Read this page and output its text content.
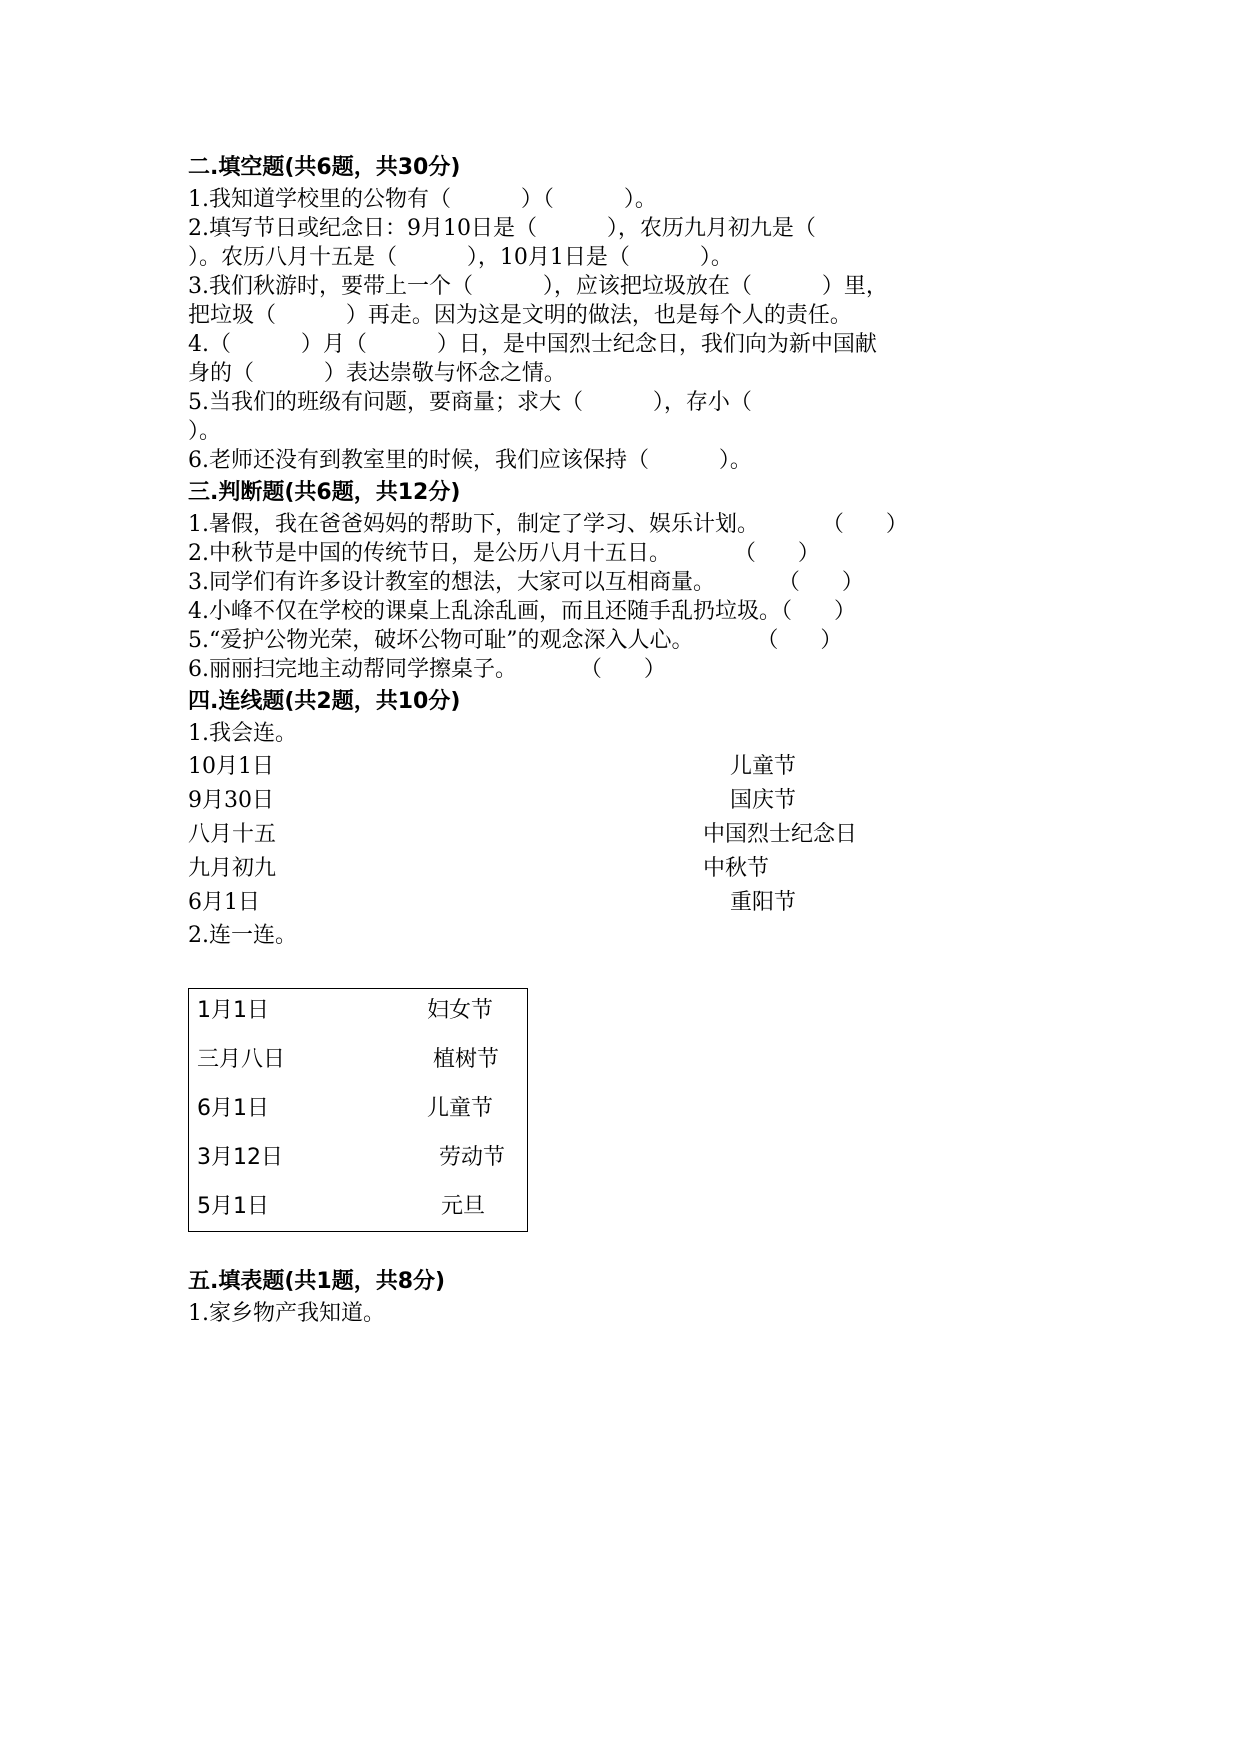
二.填空题(共6题，共30分)
1.我知道学校里的公物有（          ）（          ）。
2.填写节日或纪念日：9月10日是（          ），农历九月初九是（
）。农历八月十五是（          ），10月1日是（          ）。
3.我们秋游时，要带上一个（          ），应该把垃圾放在（          ）里，
把垃圾（          ）再走。因为这是文明的做法，也是每个人的责任。
4.（          ）月（          ）日，是中国烈士纪念日，我们向为新中国献
身的（          ）表达崇敬与怀念之情。
5.当我们的班级有问题，要商量；求大（          ），存小（
）。
6.老师还没有到教室里的时候，我们应该保持（          ）。
三.判断题(共6题，共12分)
1.暑假，我在爸爸妈妈的帮助下，制定了学习、娱乐计划。         （      ）
2.中秋节是中国的传统节日，是公历八月十五日。         （      ）
3.同学们有许多设计教室的想法，大家可以互相商量。         （      ）
4.小峰不仅在学校的课桌上乱涂乱画，而且还随手乱扔垃圾。（      ）
5.“爱护公物光荣，破坏公物可耻”的观念深入人心。         （      ）
6.丽丽扫完地主动帮同学擦桌子。         （      ）
四.连线题(共2题，共10分)
1.我会连。
10月1日
9月30日
八月十五
九月初九
6月1日
儿童节
国庆节
中国烈士纪念日
中秋节
重阳节
2.连一连。
1月1日
三月八日
6月1日
3月12日
5月1日
妇女节
植树节
儿童节
劳动节
元旦
五.填表题(共1题，共8分)
1.家乡物产我知道。
